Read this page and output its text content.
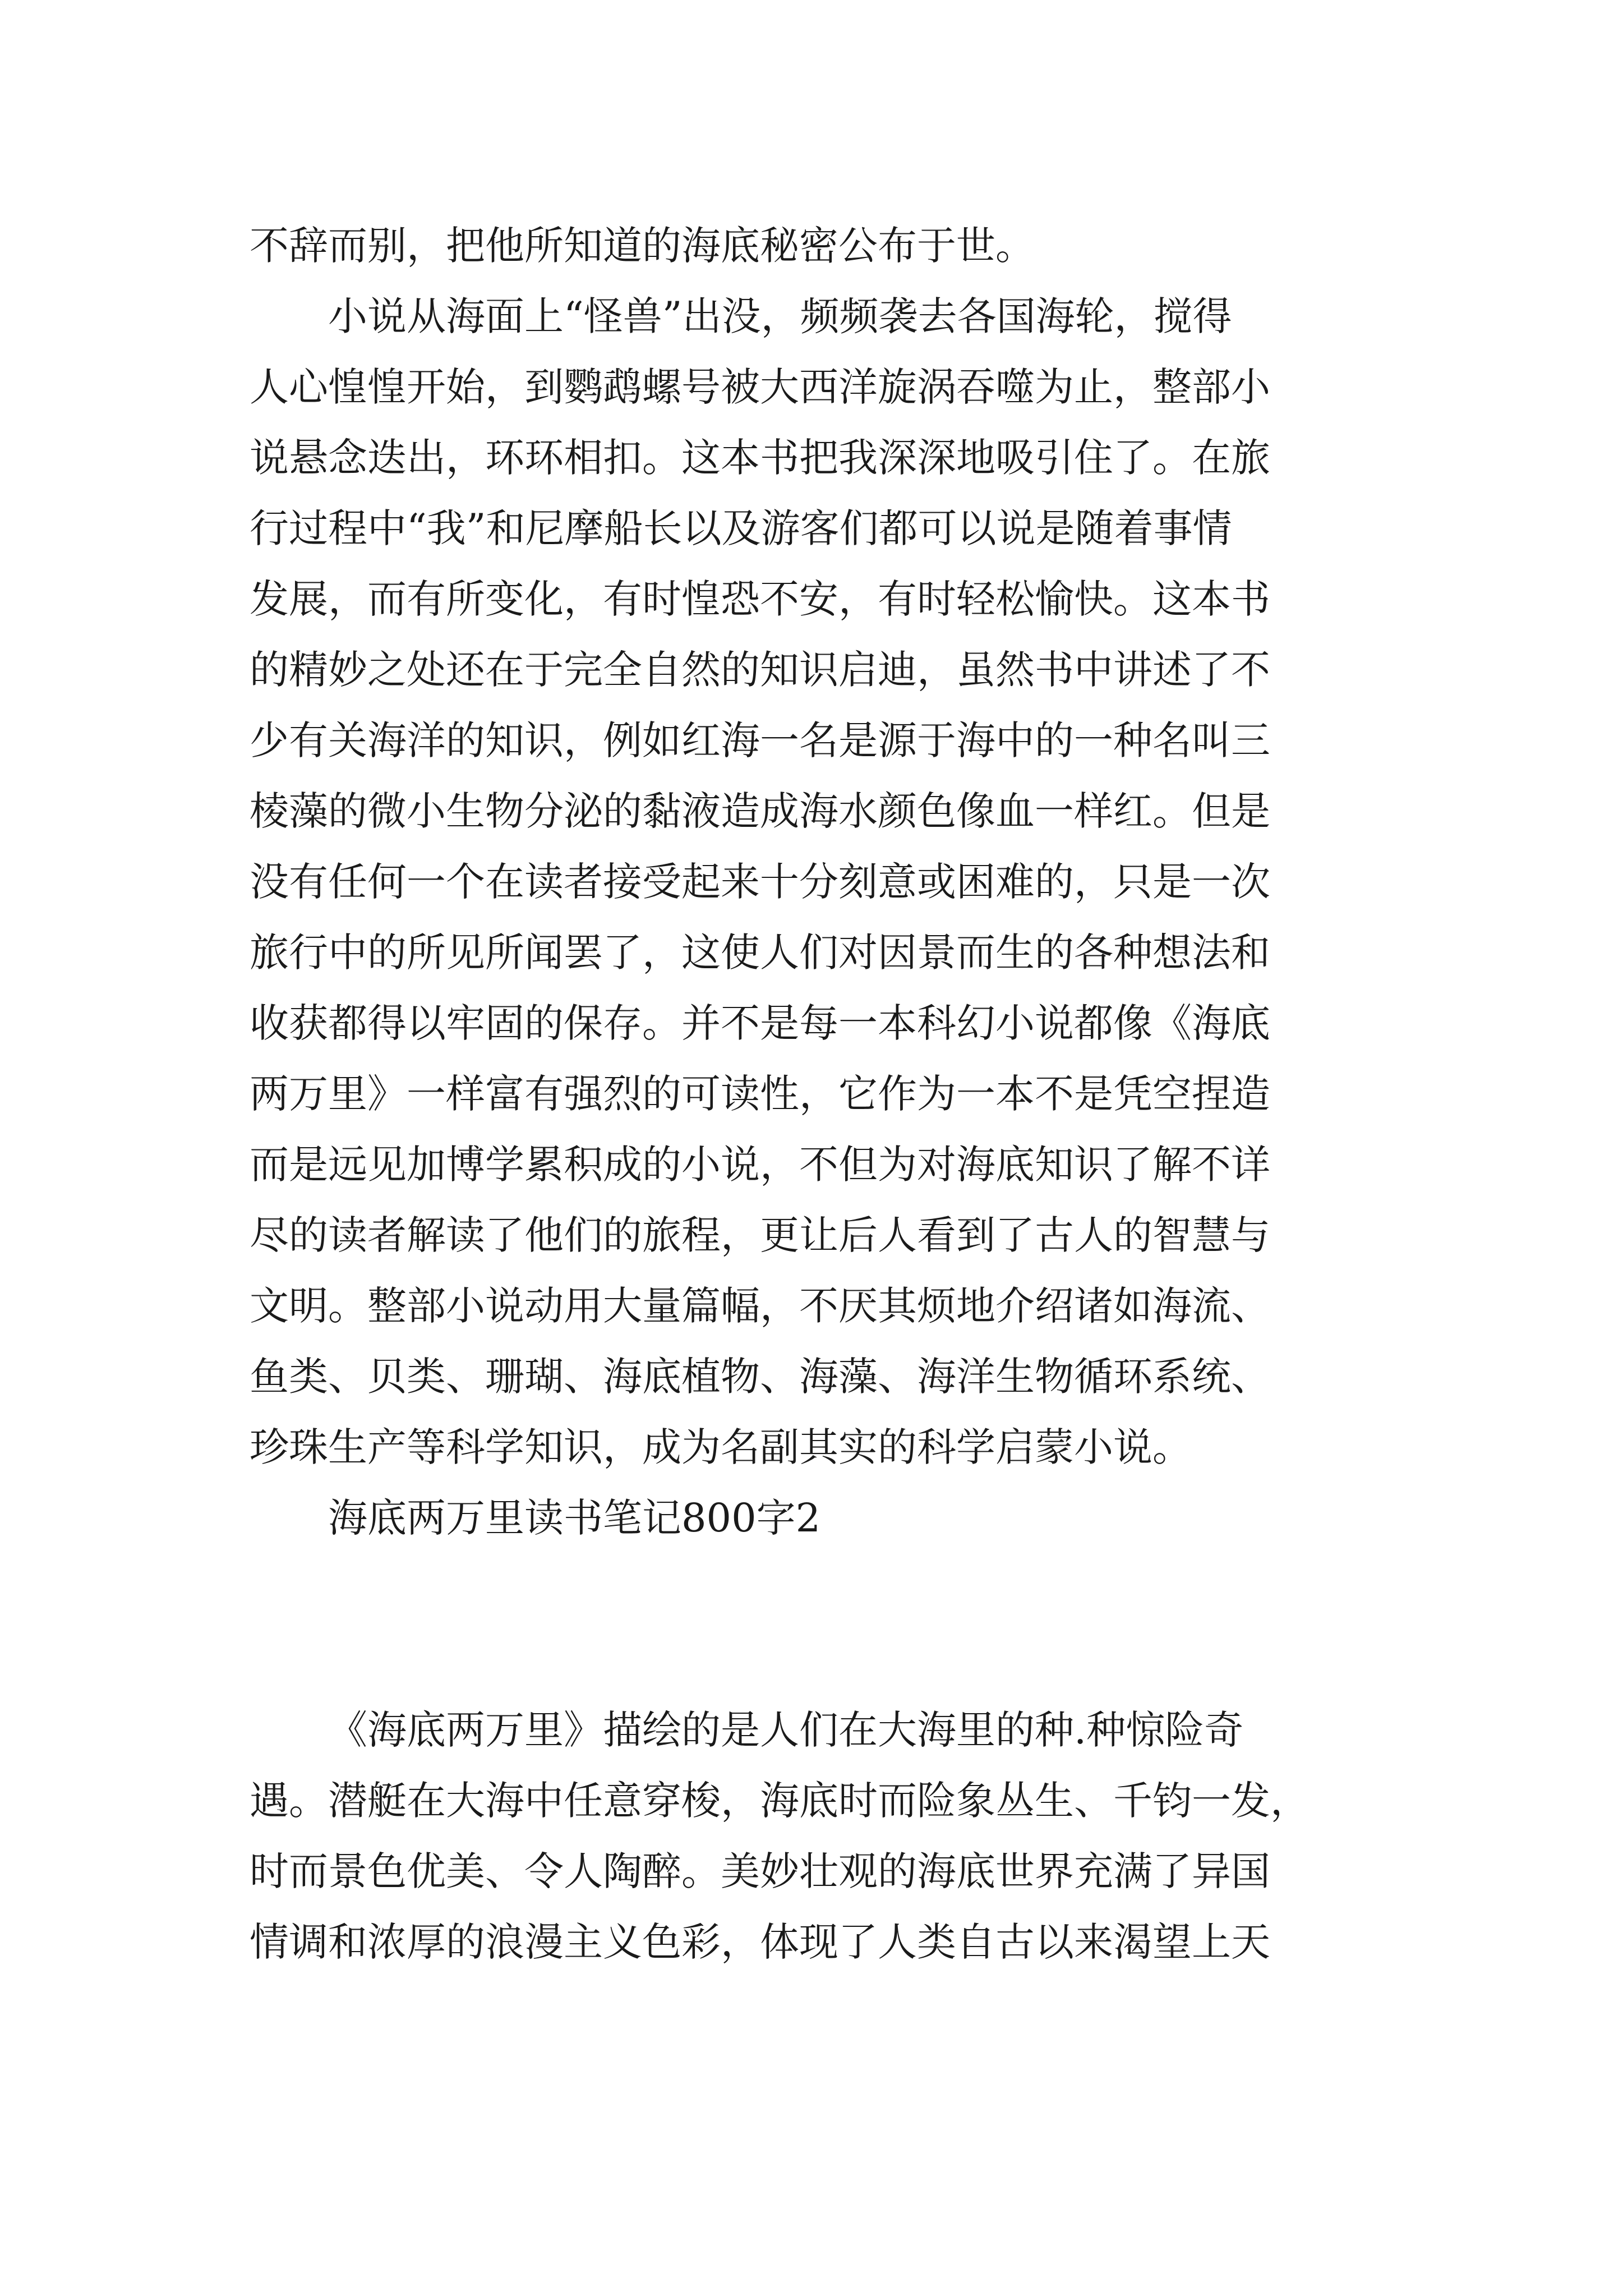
不辞而别，把他所知道的海底秘密公布于世。
小说从海面上“怪兽”出没，频频袭去各国海轮，搅得
人心惶惶开始，到鹦鹉螺号被大西洋旋涡吞噬为止，整部小
说悬念迭出，环环相扣。这本书把我深深地吸引住了。在旅
行过程中“我”和尼摩船长以及游客们都可以说是随着事情
发展，而有所变化，有时惶恐不安，有时轻松愉快。这本书
的精妙之处还在于完全自然的知识启迪，虽然书中讲述了不
少有关海洋的知识，例如红海一名是源于海中的一种名叫三
棱藻的微小生物分泌的黏液造成海水颜色像血一样红。但是
没有任何一个在读者接受起来十分刻意或困难的，只是一次
旅行中的所见所闻罢了，这使人们对因景而生的各种想法和
收获都得以牢固的保存。并不是每一本科幻小说都像《海底
两万里》一样富有强烈的可读性，它作为一本不是凭空捏造
而是远见加博学累积成的小说，不但为对海底知识了解不详
尽的读者解读了他们的旅程，更让后人看到了古人的智慧与
文明。整部小说动用大量篇幅，不厌其烦地介绍诸如海流、
鱼类、贝类、珊瑚、海底植物、海藻、海洋生物循环系统、
珍珠生产等科学知识，成为名副其实的科学启蒙小说。
海底两万里读书笔记800字2
《海底两万里》描绘的是人们在大海里的种.种惊险奇
遇。潜艇在大海中任意穿梭，海底时而险象丛生、千钧一发，
时而景色优美、令人陶醉。美妙壮观的海底世界充满了异国
情调和浓厚的浪漫主义色彩，体现了人类自古以来渴望上天
